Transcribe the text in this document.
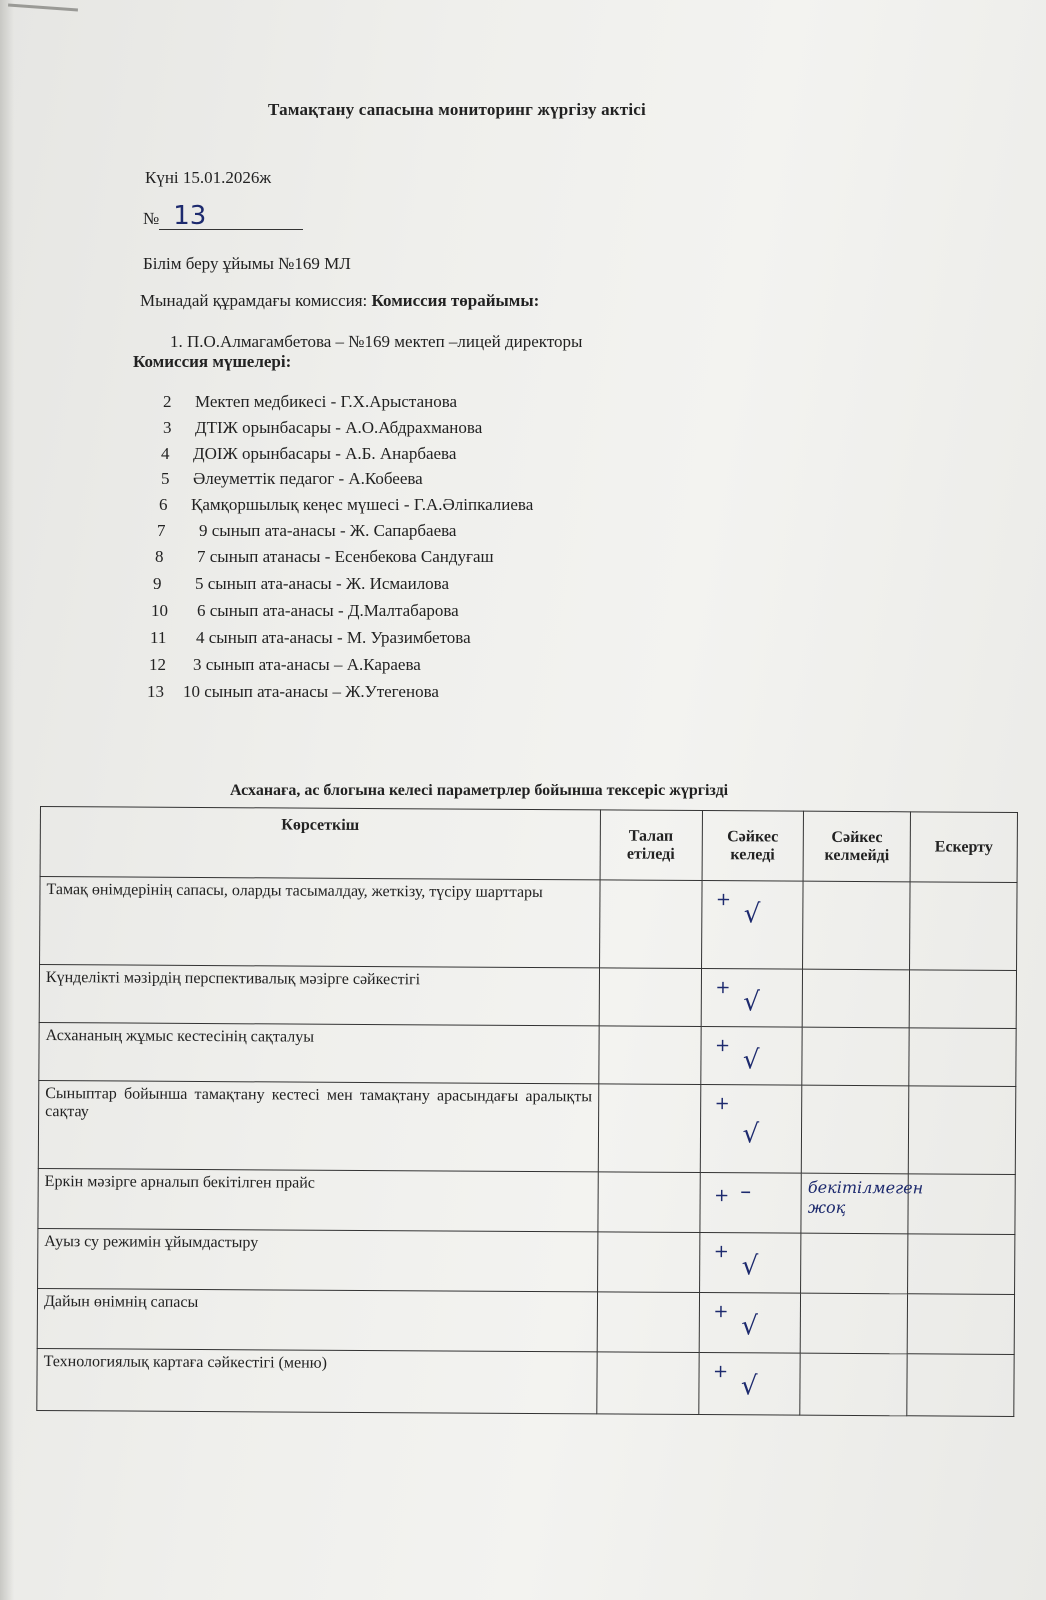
Тамақтану сапасына мониторинг жүргізу актісі
Күні 15.01.2026ж
№ 13
Білім беру ұйымы №169 МЛ
Мынадай құрамдағы комиссия: Комиссия төрайымы:
1. П.О.Алмагамбетова – №169 мектеп –лицей директоры
Комиссия мүшелері:
2 Мектеп медбикесі - Г.Х.Арыстанова
3 ДТІЖ орынбасары - А.О.Абдрахманова
4 ДОІЖ орынбасары - А.Б. Анарбаева
5 Әлеуметтік педагог - А.Кобеева
6 Қамқоршылық кеңес мүшесі - Г.А.Әліпкалиева
7 9 сынып ата-анасы - Ж. Сапарбаева
8 7 сынып атанасы - Есенбекова Сандуғаш
9 5 сынып ата-анасы - Ж. Исмаилова
10 6 сынып ата-анасы - Д.Малтабарова
11 4 сынып ата-анасы - М. Уразимбетова
12 3 сынып ата-анасы – А.Караева
13 10 сынып ата-анасы – Ж.Утегенова
Асханаға, ас блогына келесі параметрлер бойынша тексеріс жүргізді
Көрсеткіш	Талап етіледі	Сәйкес келеді	Сәйкес келмейді	Ескерту
Тамақ өнімдерінің сапасы, оларды тасымалдау, жеткізу, түсіру шарттары		+ √		

Күнделікті мәзірдің перспективалық мәзірге сәйкестігі		+ √		

Асхананың жұмыс кестесінің сақталуы		+ √		

Сыныптар бойынша тамақтану кестесі мен тамақтану арасындағы аралықты сақтау		+
√		

Еркін мәзірге арналып бекітілген прайс		+ –	бекітілмеген жоқ	
Ауыз су режимін ұйымдастыру		+ √		

Дайын өнімнің сапасы		+ √		

Технологиялық картаға сәйкестігі (меню)		+ √		
